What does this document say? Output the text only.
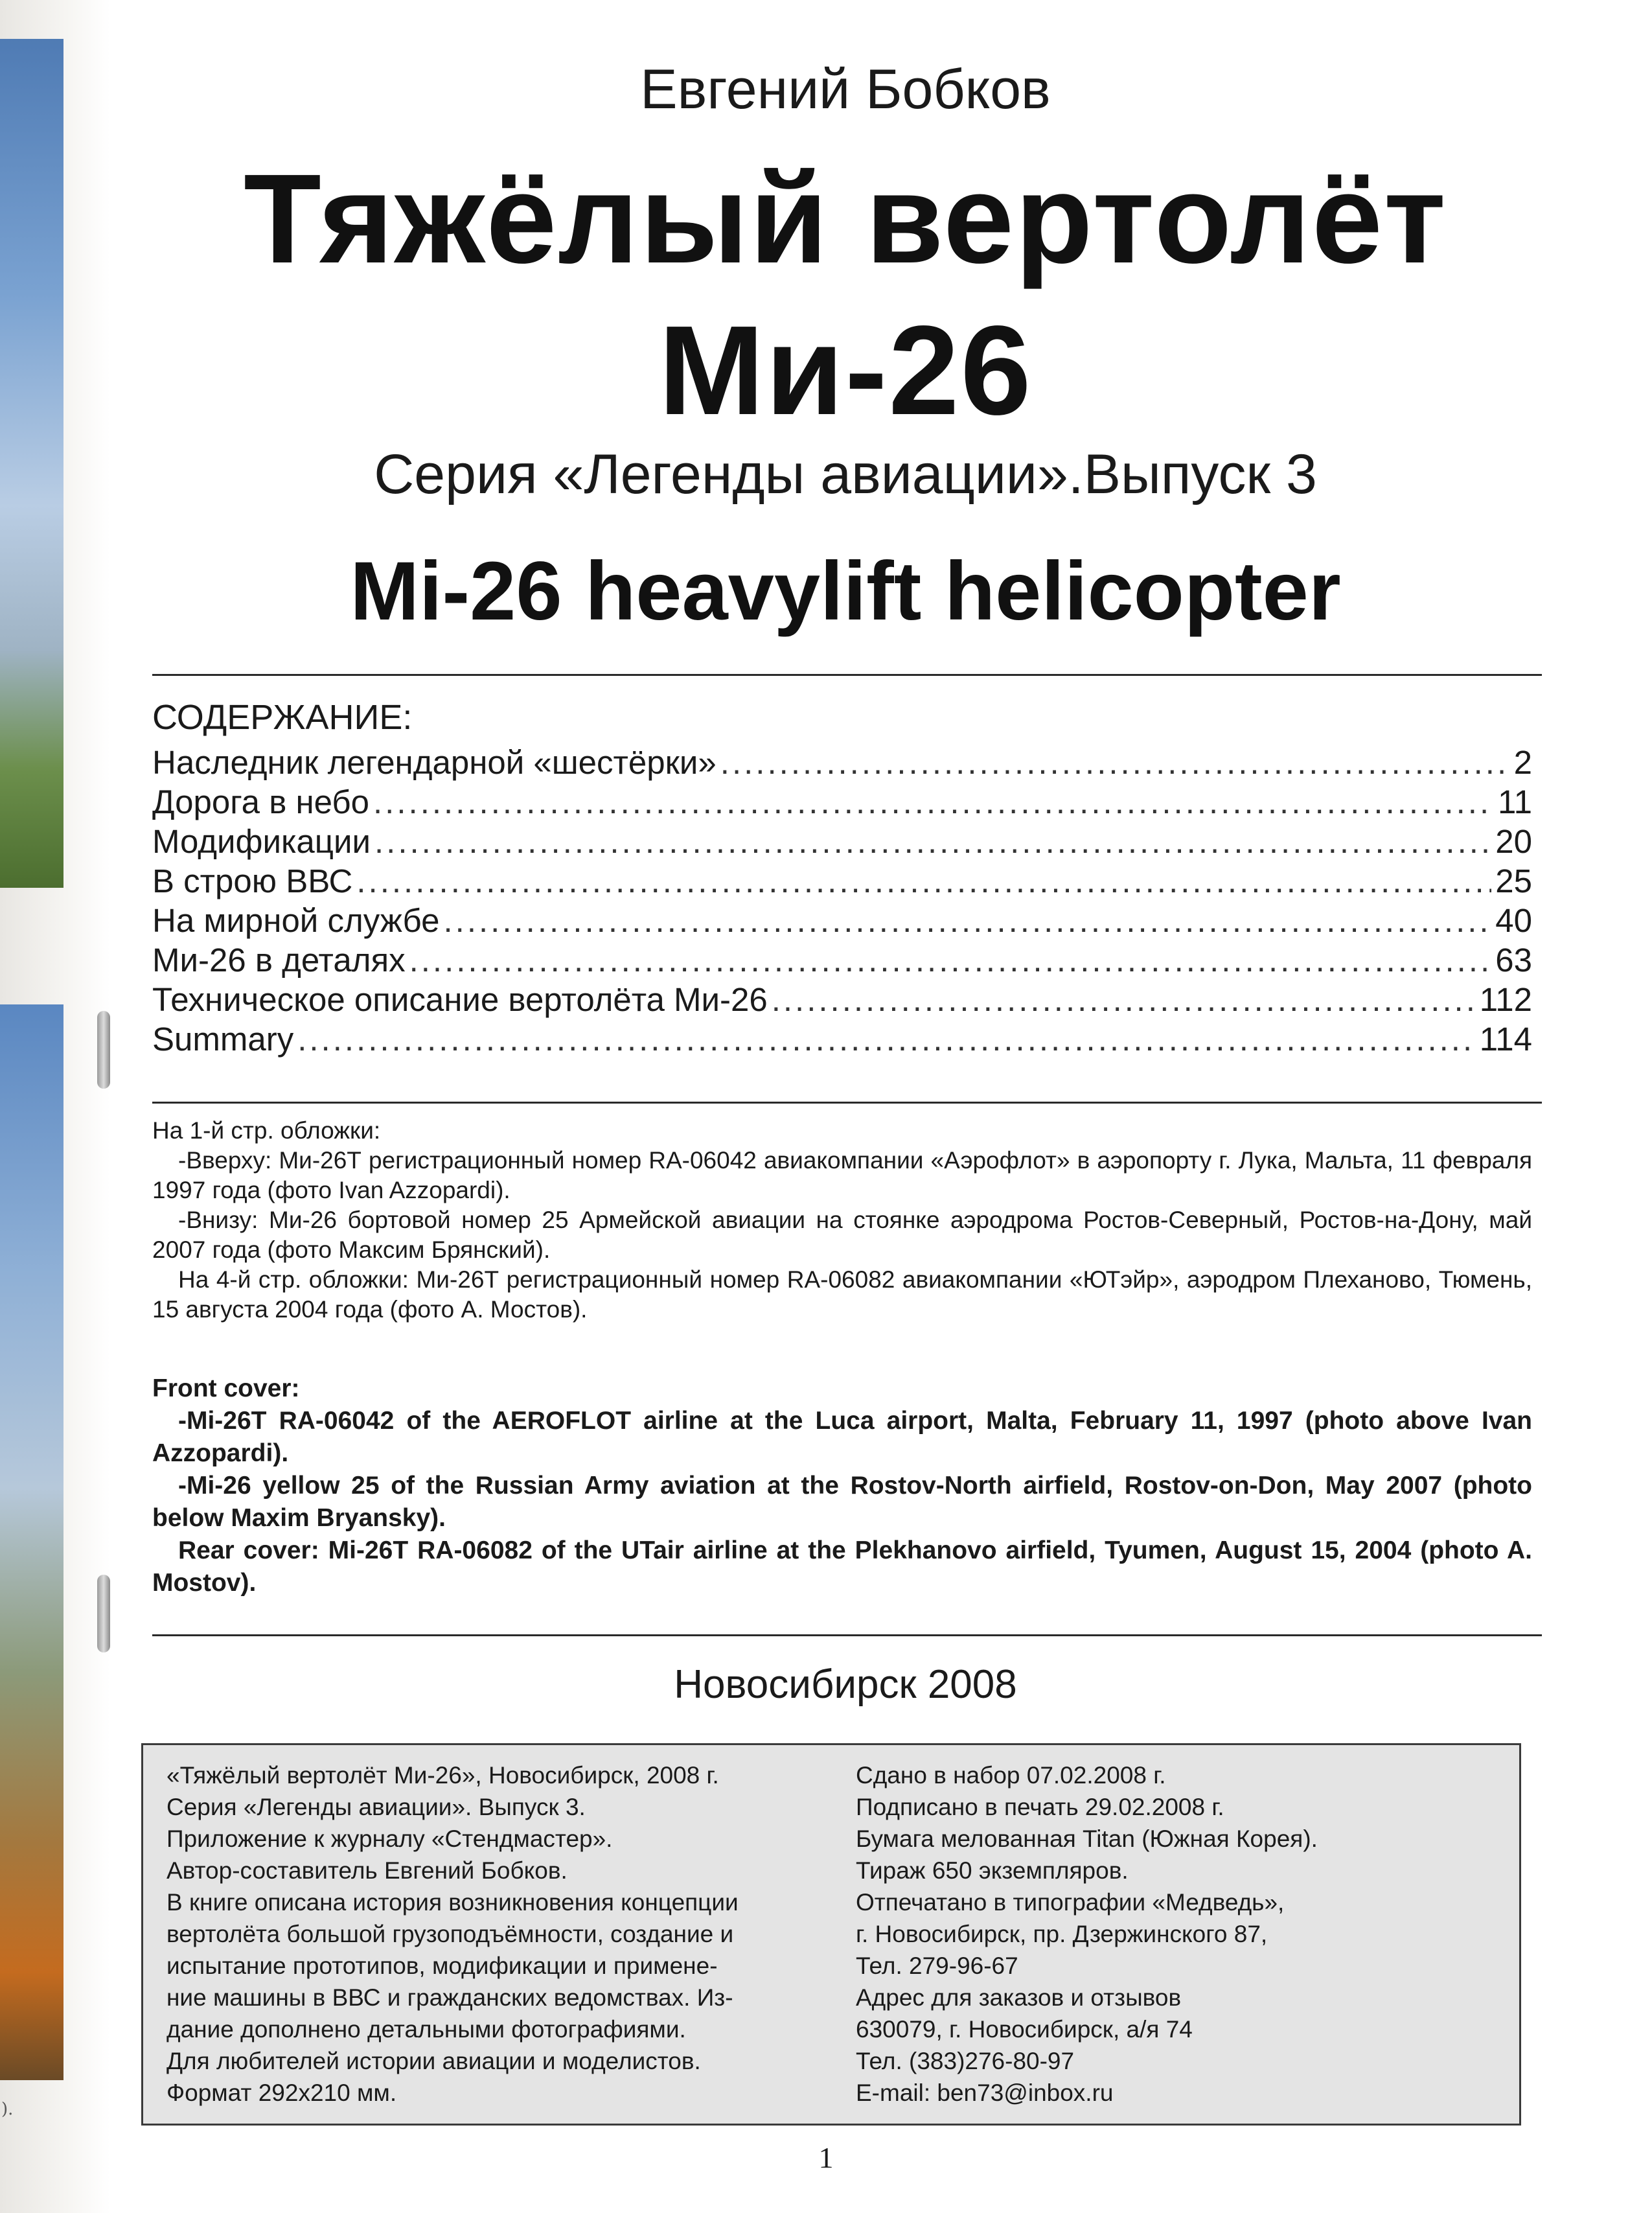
).
Евгений Бобков
Тяжёлый вертолёт
Ми-26
Серия «Легенды авиации».Выпуск 3
Mi-26 heavylift helicopter
СОДЕРЖАНИЕ:
Наследник легендарной «шестёрки» .....	2
Дорога в небо .....	11
Модификации .....	20
В строю ВВС .....	25
На мирной службе .....	40
Ми-26 в деталях .....	63
Техническое описание вертолёта Ми-26 .....	112
Summary .....	114

На 1-й стр. обложки:

-Вверху: Ми-26Т регистрационный номер RA-06042 авиакомпании «Аэрофлот» в аэропорту г. Лука, Мальта, 11 февраля 1997 года (фото Ivan Azzopardi).

-Внизу: Ми-26 бортовой номер 25 Армейской авиации на стоянке аэродрома Ростов-Северный, Ростов-на-Дону, май 2007 года (фото Максим Брянский).

На 4-й стр. обложки: Ми-26Т регистрационный номер RA-06082 авиакомпании «ЮТэйр», аэродром Плеханово, Тюмень, 15 августа 2004 года (фото А. Мостов).

Front cover:

-Mi-26T RA-06042 of the AEROFLOT airline at the Luca airport, Malta, February 11, 1997 (photo above Ivan Azzopardi).

-Mi-26 yellow 25 of the Russian Army aviation at the Rostov-North airfield, Rostov-on-Don, May 2007 (photo below Maxim Bryansky).

Rear cover: Mi-26T RA-06082 of the UTair airline at the Plekhanovo airfield, Tyumen, August 15, 2004 (photo A. Mostov).

Новосибирск 2008

«Тяжёлый вертолёт Ми-26», Новосибирск, 2008 г.

Серия «Легенды авиации». Выпуск 3.

Приложение к журналу «Стендмастер».

Автор-составитель Евгений Бобков.

В книге описана история возникновения концепции

вертолёта большой грузоподъёмности, создание и

испытание прототипов, модификации и примене-

ние машины в ВВС и гражданских ведомствах. Из-

дание дополнено детальными фотографиями.

Для любителей истории авиации и моделистов.

Формат 292х210 мм.

Сдано в набор 07.02.2008 г.

Подписано в печать 29.02.2008 г.

Бумага мелованная Titan (Южная Корея).

Тираж 650 экземпляров.

Отпечатано в типографии «Медведь»,

г. Новосибирск, пр. Дзержинского 87,

Тел. 279-96-67

Адрес для заказов и отзывов

630079, г. Новосибирск, а/я 74

Тел. (383)276-80-97

E-mail: ben73@inbox.ru

1
